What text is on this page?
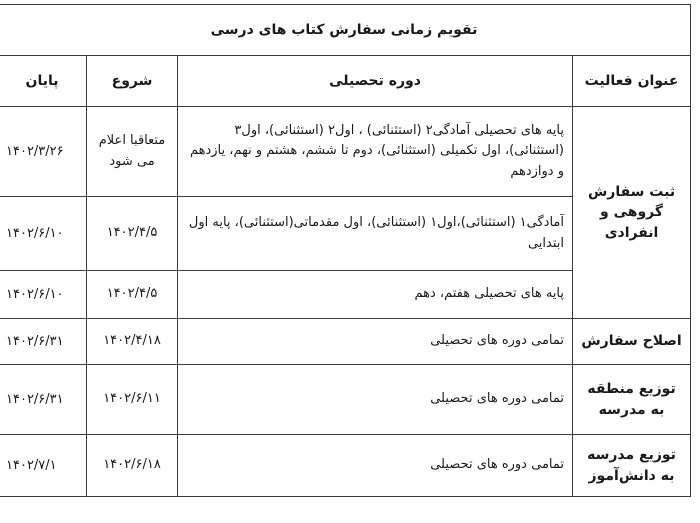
تقویم زمانی سفارش کتاب های درسی			
عنوان فعالیت	دوره تحصیلی	شروع	پایان
ثبت سفارش گروهی و انفرادی	پایه های تحصیلی آمادگی۲ (استثنائی) ، اول۲ (استثنائی)، اول۳ (استثنائی)، اول تکمیلی (استثنائی)، دوم تا ششم، هشتم و نهم، یازدهم و دوازدهم	متعاقبا اعلام می شود	۱۴۰۲/۳/۲۶
	آمادگی۱ (استثنائی)،اول۱ (استثنائی)، اول مقدماتی(استثنائی)، پایه اول ابتدایی	۱۴۰۲/۴/۵	۱۴۰۲/۶/۱۰
	پایه های تحصیلی هفتم، دهم	۱۴۰۲/۴/۵	۱۴۰۲/۶/۱۰
اصلاح سفارش	تمامی دوره های تحصیلی	۱۴۰۲/۴/۱۸	۱۴۰۲/۶/۳۱
توزیع منطقه به مدرسه	تمامی دوره های تحصیلی	۱۴۰۲/۶/۱۱	۱۴۰۲/۶/۳۱
توزیع مدرسه به دانش‌آموز	تمامی دوره های تحصیلی	۱۴۰۲/۶/۱۸	۱۴۰۲/۷/۱
